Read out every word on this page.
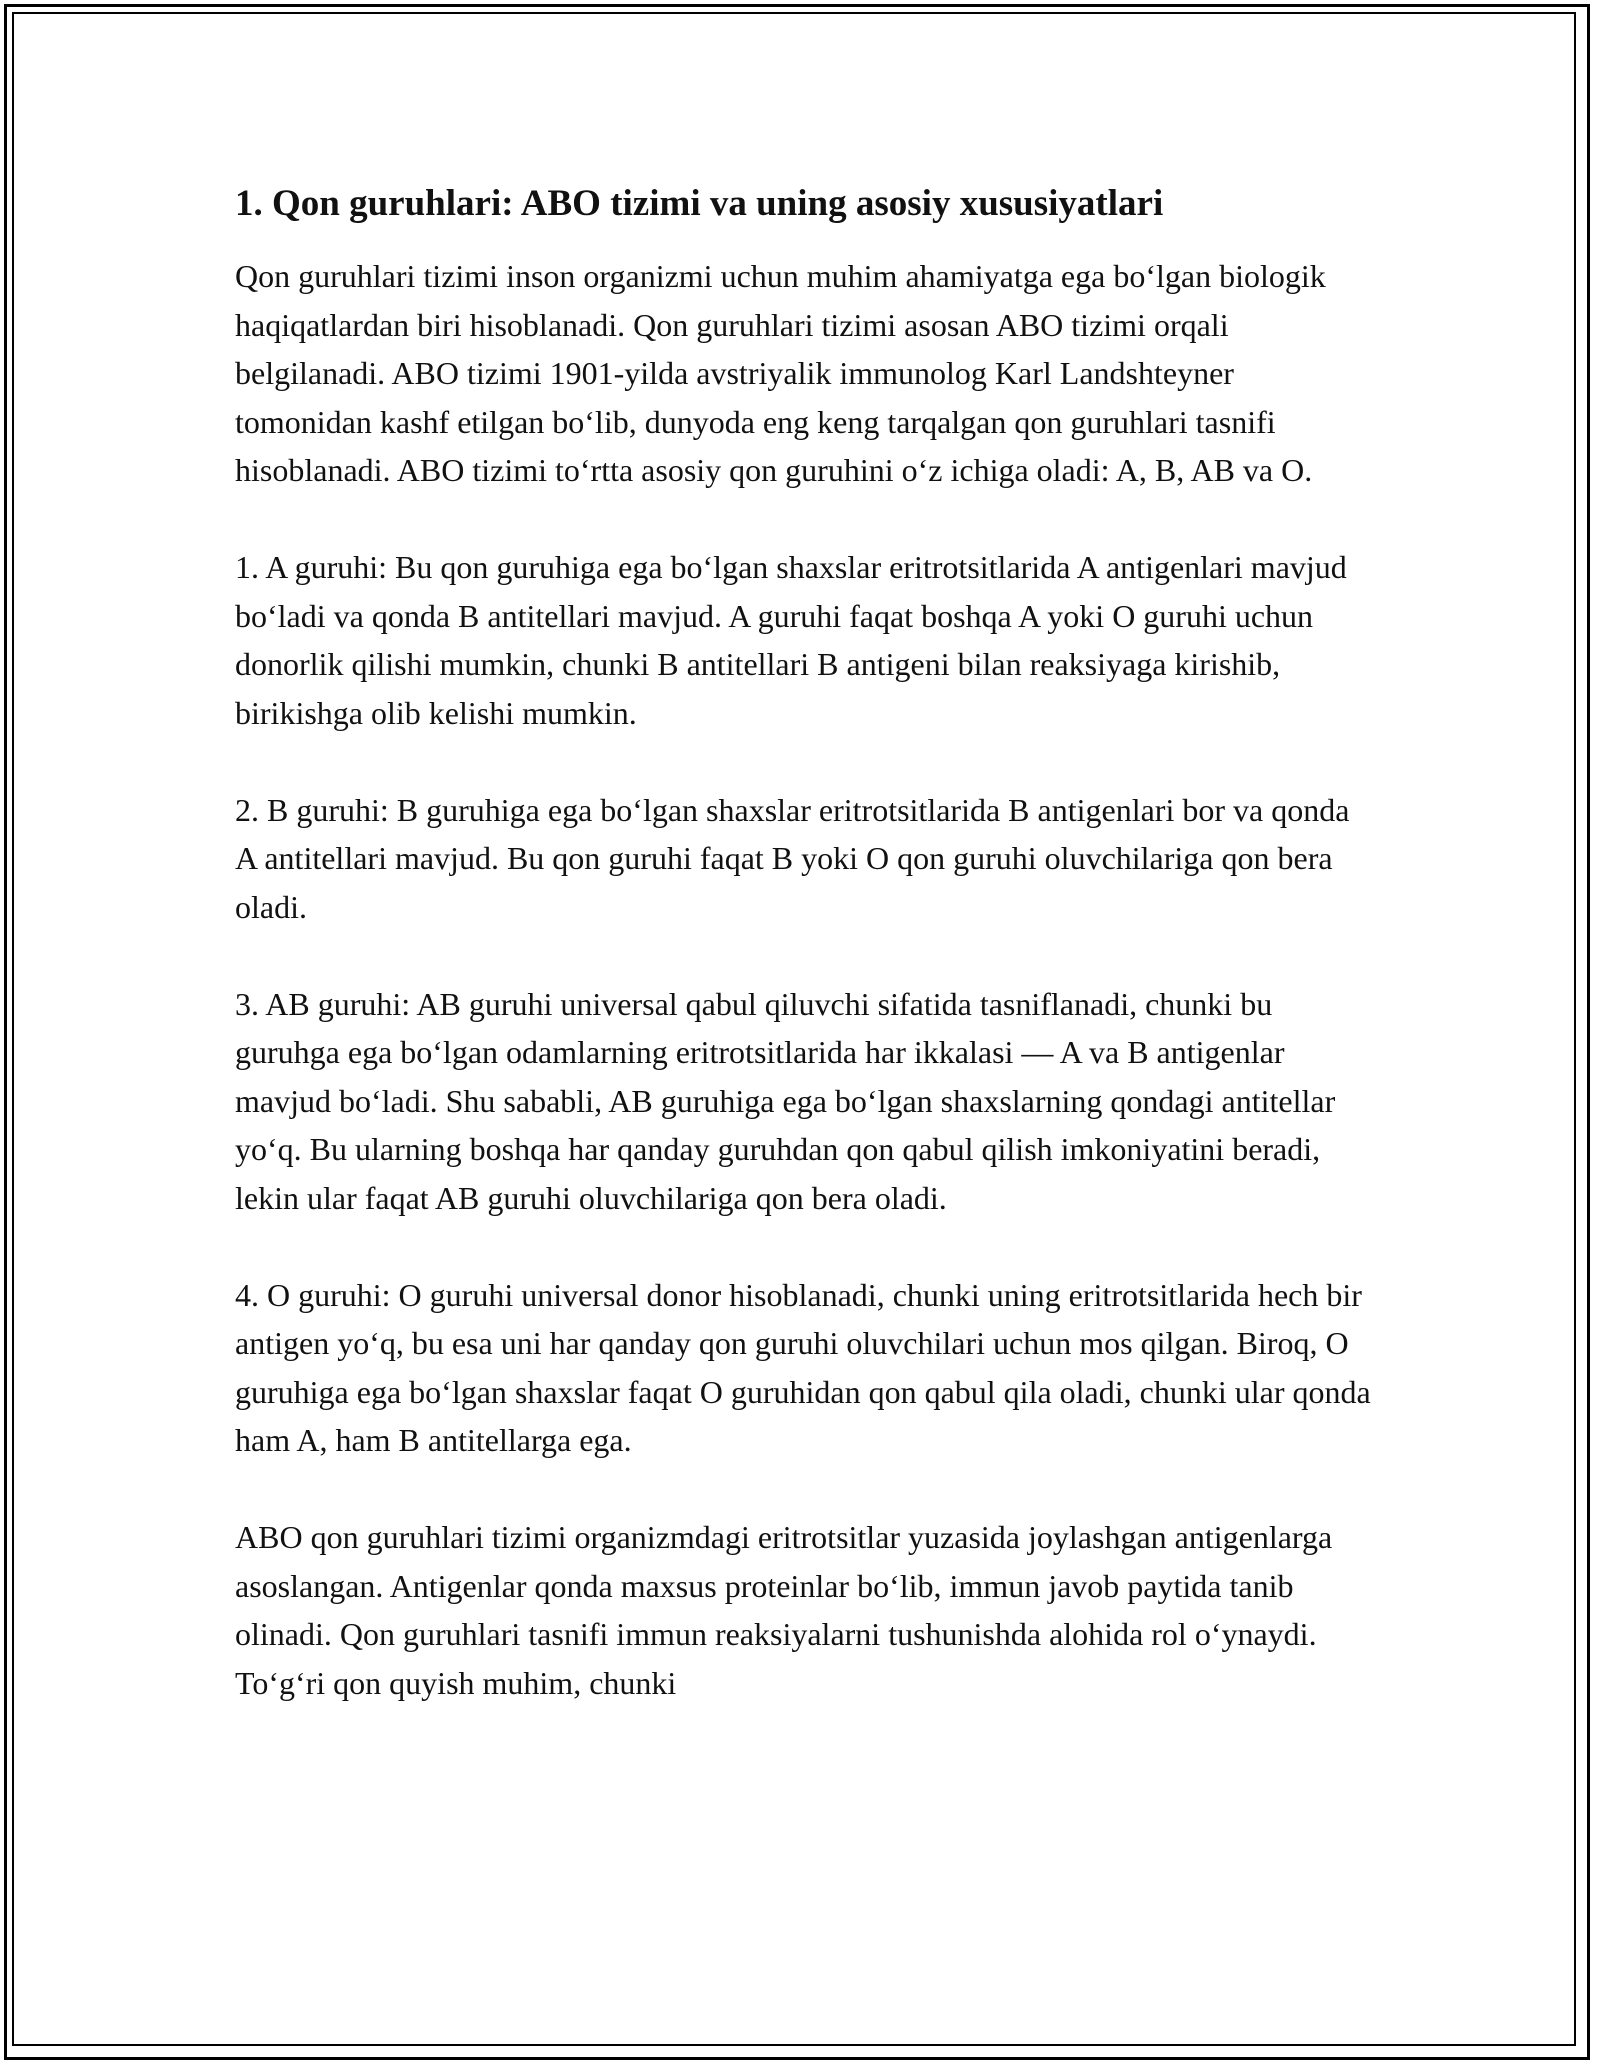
1. Qon guruhlari: ABO tizimi va uning asosiy xususiyatlari

Qon guruhlari tizimi inson organizmi uchun muhim ahamiyatga ega bo‘lgan biologik haqiqatlardan biri hisoblanadi. Qon guruhlari tizimi asosan ABO tizimi orqali belgilanadi. ABO tizimi 1901-yilda avstriyalik immunolog Karl Landshteyner tomonidan kashf etilgan bo‘lib, dunyoda eng keng tarqalgan qon guruhlari tasnifi hisoblanadi. ABO tizimi to‘rtta asosiy qon guruhini o‘z ichiga oladi: A, B, AB va O.

1. A guruhi: Bu qon guruhiga ega bo‘lgan shaxslar eritrotsitlarida A antigenlari mavjud bo‘ladi va qonda B antitellari mavjud. A guruhi faqat boshqa A yoki O guruhi uchun donorlik qilishi mumkin, chunki B antitellari B antigeni bilan reaksiyaga kirishib, birikishga olib kelishi mumkin.

2. B guruhi: B guruhiga ega bo‘lgan shaxslar eritrotsitlarida B antigenlari bor va qonda A antitellari mavjud. Bu qon guruhi faqat B yoki O qon guruhi oluvchilariga qon bera oladi.

3. AB guruhi: AB guruhi universal qabul qiluvchi sifatida tasniflanadi, chunki bu guruhga ega bo‘lgan odamlarning eritrotsitlarida har ikkalasi — A va B antigenlar mavjud bo‘ladi. Shu sababli, AB guruhiga ega bo‘lgan shaxslarning qondagi antitellar yo‘q. Bu ularning boshqa har qanday guruhdan qon qabul qilish imkoniyatini beradi, lekin ular faqat AB guruhi oluvchilariga qon bera oladi.

4. O guruhi: O guruhi universal donor hisoblanadi, chunki uning eritrotsitlarida hech bir antigen yo‘q, bu esa uni har qanday qon guruhi oluvchilari uchun mos qilgan. Biroq, O guruhiga ega bo‘lgan shaxslar faqat O guruhidan qon qabul qila oladi, chunki ular qonda ham A, ham B antitellarga ega.

ABO qon guruhlari tizimi organizmdagi eritrotsitlar yuzasida joylashgan antigenlarga asoslangan. Antigenlar qonda maxsus proteinlar bo‘lib, immun javob paytida tanib olinadi. Qon guruhlari tasnifi immun reaksiyalarni tushunishda alohida rol o‘ynaydi. To‘g‘ri qon quyish muhim, chunki
